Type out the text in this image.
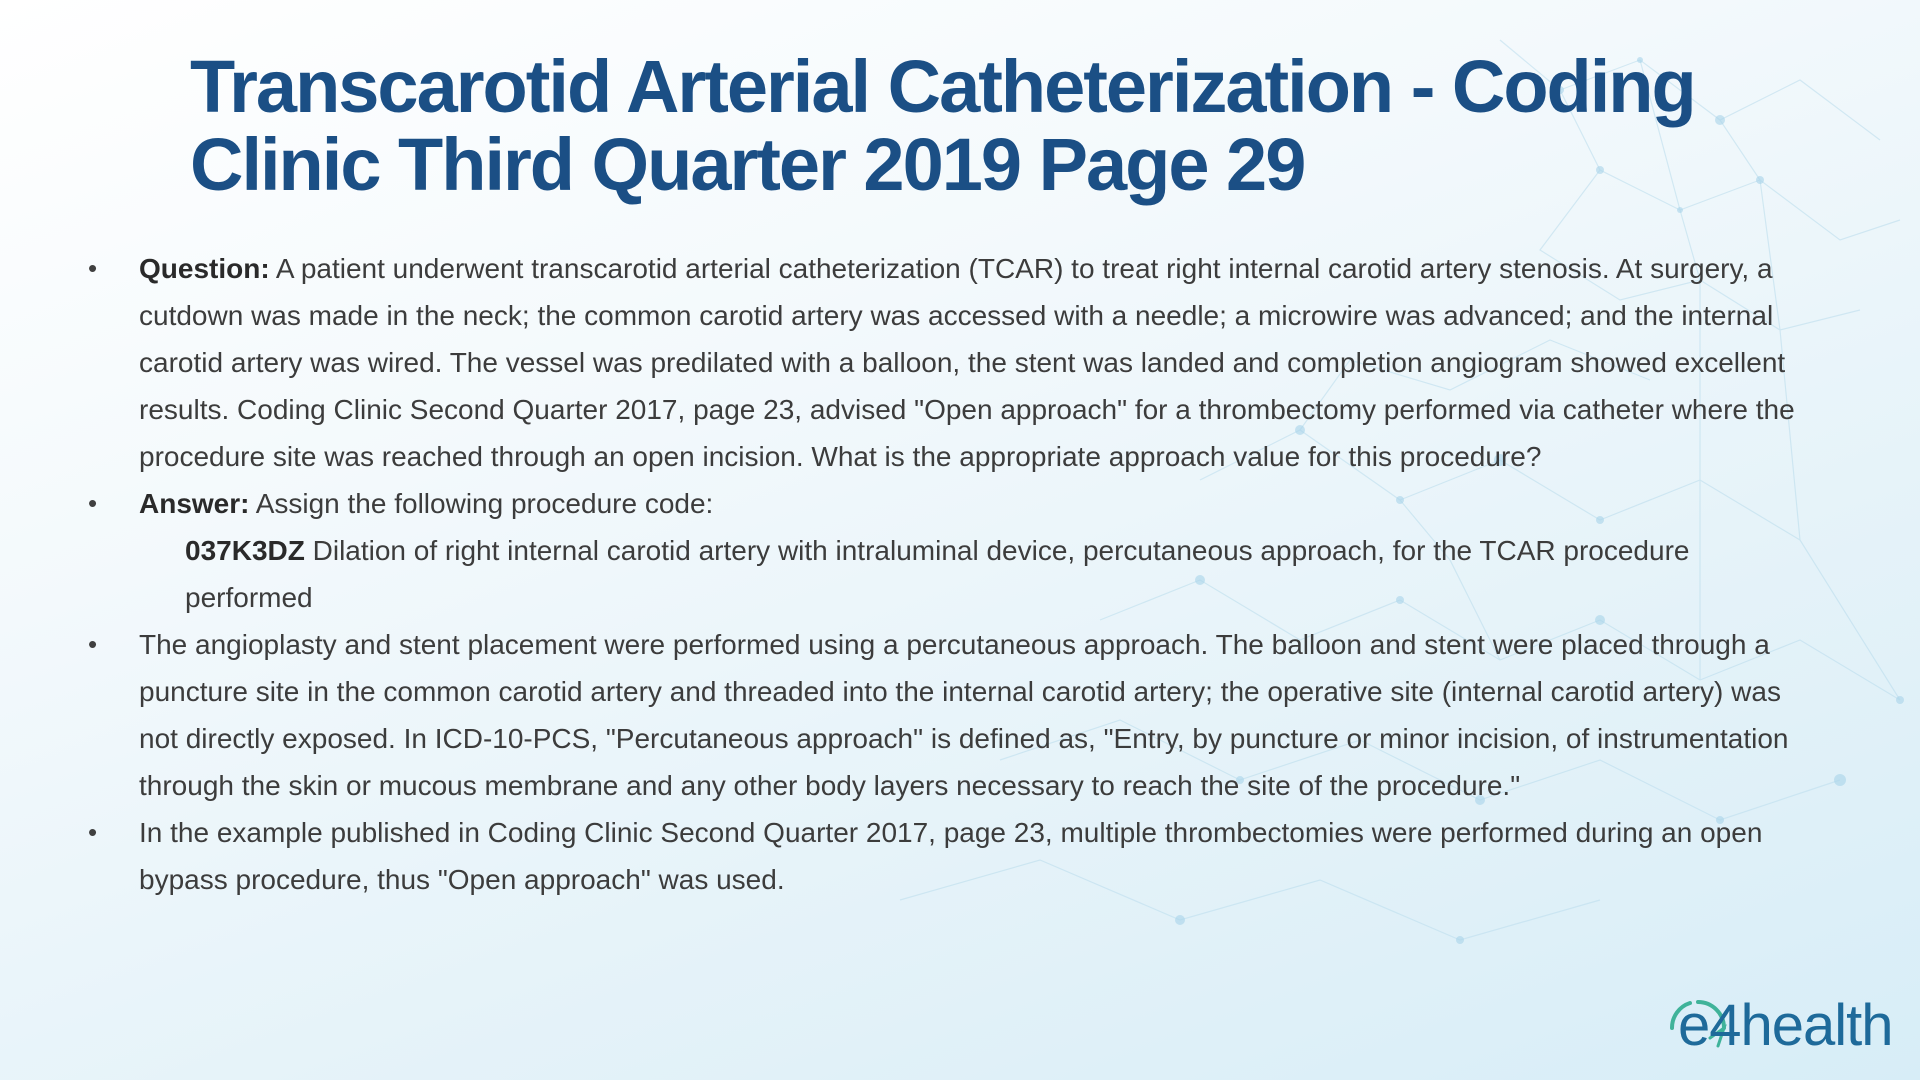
Transcarotid Arterial Catheterization - Coding Clinic Third Quarter 2019 Page 29
• Question: A patient underwent transcarotid arterial catheterization (TCAR) to treat right internal carotid artery stenosis. At surgery, a cutdown was made in the neck; the common carotid artery was accessed with a needle; a microwire was advanced; and the internal carotid artery was wired. The vessel was predilated with a balloon, the stent was landed and completion angiogram showed excellent results. Coding Clinic Second Quarter 2017, page 23, advised "Open approach" for a thrombectomy performed via catheter where the procedure site was reached through an open incision. What is the appropriate approach value for this procedure?
• Answer: Assign the following procedure code:
037K3DZ Dilation of right internal carotid artery with intraluminal device, percutaneous approach, for the TCAR procedure performed
• The angioplasty and stent placement were performed using a percutaneous approach. The balloon and stent were placed through a puncture site in the common carotid artery and threaded into the internal carotid artery; the operative site (internal carotid artery) was not directly exposed. In ICD-10-PCS, "Percutaneous approach" is defined as, "Entry, by puncture or minor incision, of instrumentation through the skin or mucous membrane and any other body layers necessary to reach the site of the procedure."
• In the example published in Coding Clinic Second Quarter 2017, page 23, multiple thrombectomies were performed during an open bypass procedure, thus "Open approach" was used.
e4health
